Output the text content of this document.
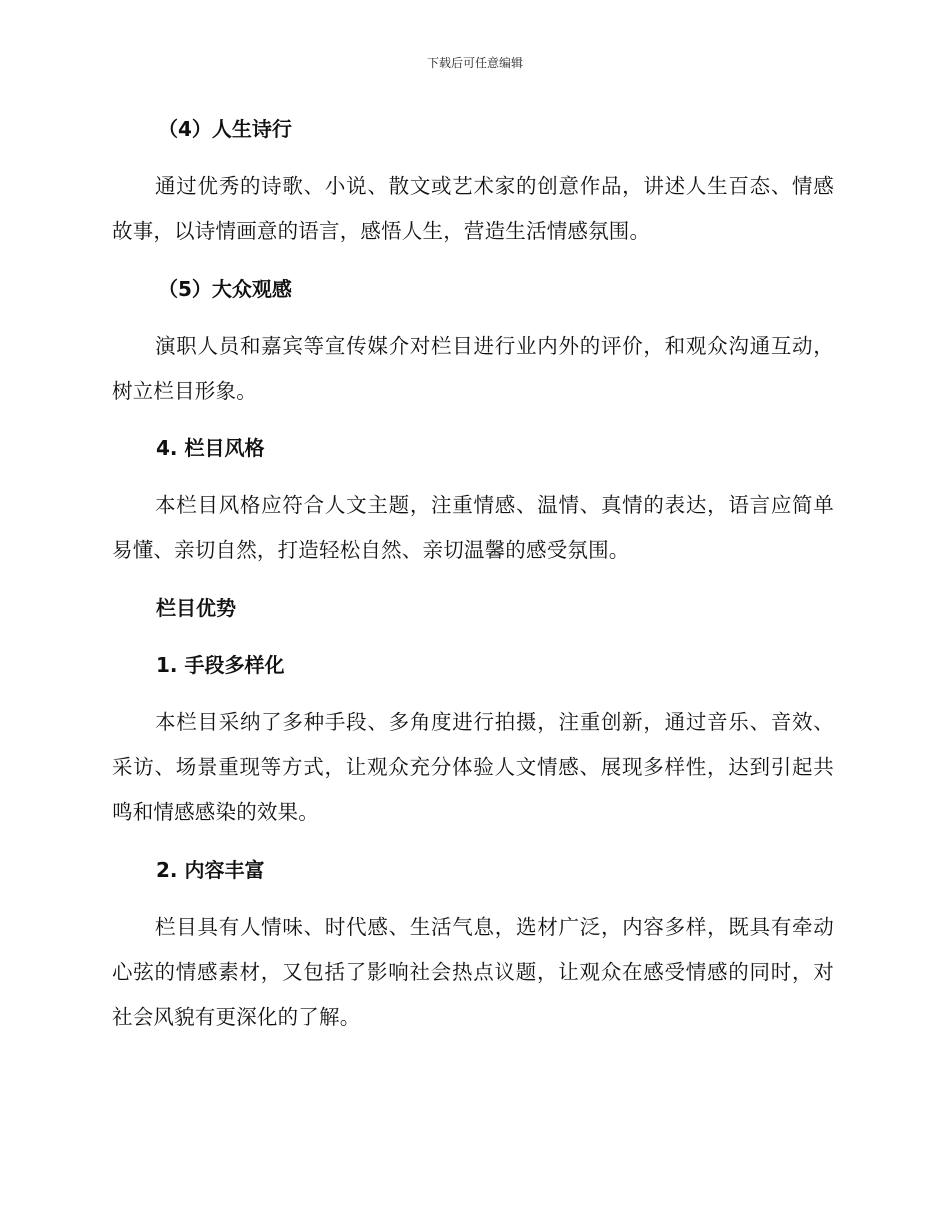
下载后可任意编辑
（4）人生诗行
通过优秀的诗歌、小说、散文或艺术家的创意作品，讲述人生百态、情感故事，以诗情画意的语言，感悟人生，营造生活情感氛围。
（5）大众观感
演职人员和嘉宾等宣传媒介对栏目进行业内外的评价，和观众沟通互动，树立栏目形象。
4. 栏目风格
本栏目风格应符合人文主题，注重情感、温情、真情的表达，语言应简单易懂、亲切自然，打造轻松自然、亲切温馨的感受氛围。
栏目优势
1. 手段多样化
本栏目采纳了多种手段、多角度进行拍摄，注重创新，通过音乐、音效、采访、场景重现等方式，让观众充分体验人文情感、展现多样性，达到引起共鸣和情感感染的效果。
2. 内容丰富
栏目具有人情味、时代感、生活气息，选材广泛，内容多样，既具有牵动心弦的情感素材，又包括了影响社会热点议题，让观众在感受情感的同时，对社会风貌有更深化的了解。
